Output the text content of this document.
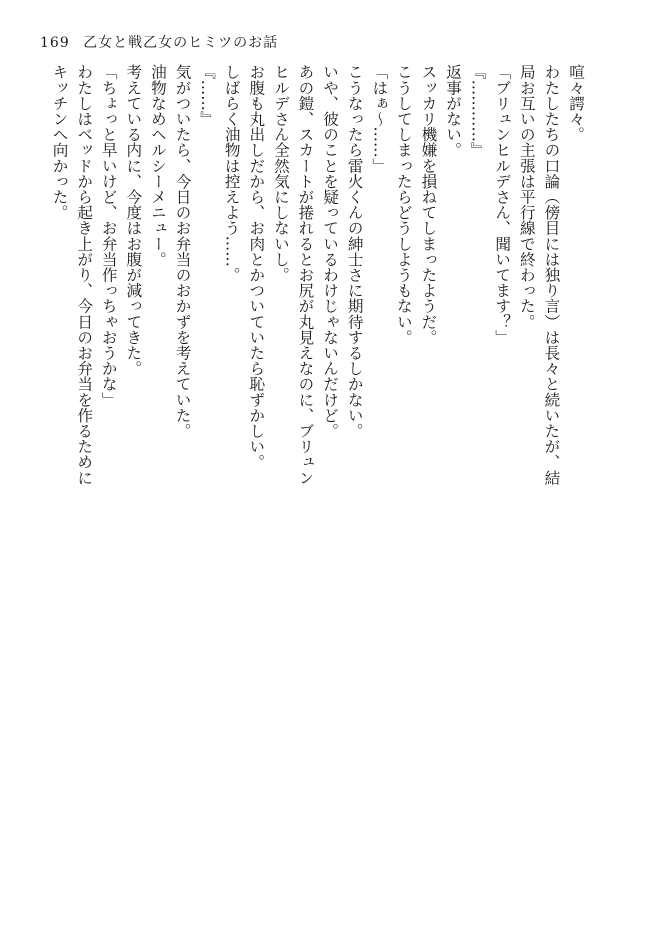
169 乙女と戦乙女のヒミツのお話

喧々諤々。

わたしたちの口論（傍目には独り言）は長々と続いたが、結

局お互いの主張は平行線で終わった。

「ブリュンヒルデさん、聞いてます？」

『…………』

返事がない。

スッカリ機嫌を損ねてしまったようだ。

こうしてしまったらどうしようもない。

「はぁ～……」

こうなったら雷火くんの紳士さに期待するしかない。

いや、彼のことを疑っているわけじゃないんだけど。

あの鎧、スカートが捲れるとお尻が丸見えなのに、ブリュン

ヒルデさん全然気にしないし。

お腹も丸出しだから、お肉とかついていたら恥ずかしい。

しばらく油物は控えよう……。

『……』

気がついたら、今日のお弁当のおかずを考えていた。

油物なめヘルシーメニュー。

考えている内に、今度はお腹が減ってきた。

「ちょっと早いけど、お弁当作っちゃおうかな」

わたしはベッドから起き上がり、今日のお弁当を作るために

キッチンへ向かった。
